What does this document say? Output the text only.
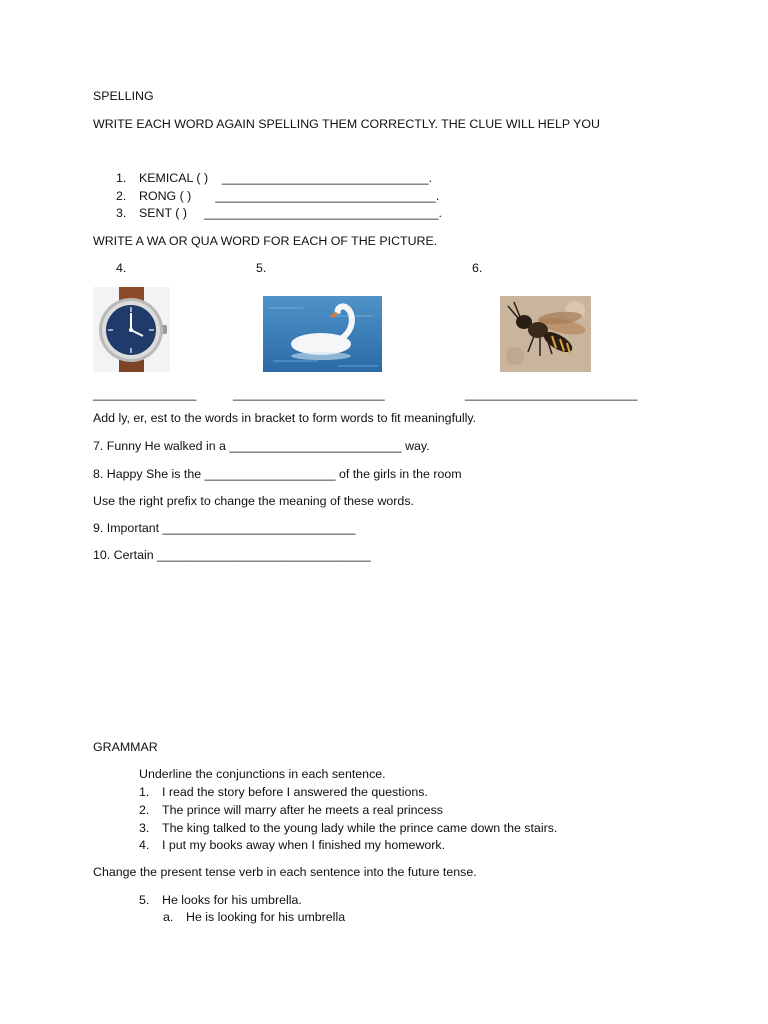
SPELLING
WRITE EACH WORD AGAIN SPELLING THEM CORRECTLY. THE CLUE WILL HELP YOU
1. KEMICAL ( )    ______________________________.
2. RONG ( )       ________________________________.
3. SENT ( )     __________________________________.
WRITE A WA OR QUA WORD FOR EACH OF THE PICTURE.
4.	5.	6.
_______________	______________________	_________________________
Add ly, er, est to the words in bracket to form words to fit meaningfully.
7. Funny He walked in a _________________________ way.
8. Happy She is the ___________________ of the girls in the room
Use the right prefix to change the meaning of these words.
9. Important ____________________________
10. Certain _______________________________
GRAMMAR
Underline the conjunctions in each sentence.
1. I read the story before I answered the questions.
2. The prince will marry after he meets a real princess
3. The king talked to the young lady while the prince came down the stairs.
4. I put my books away when I finished my homework.
Change the present tense verb in each sentence into the future tense.
5. He looks for his umbrella.
a. He is looking for his umbrella
